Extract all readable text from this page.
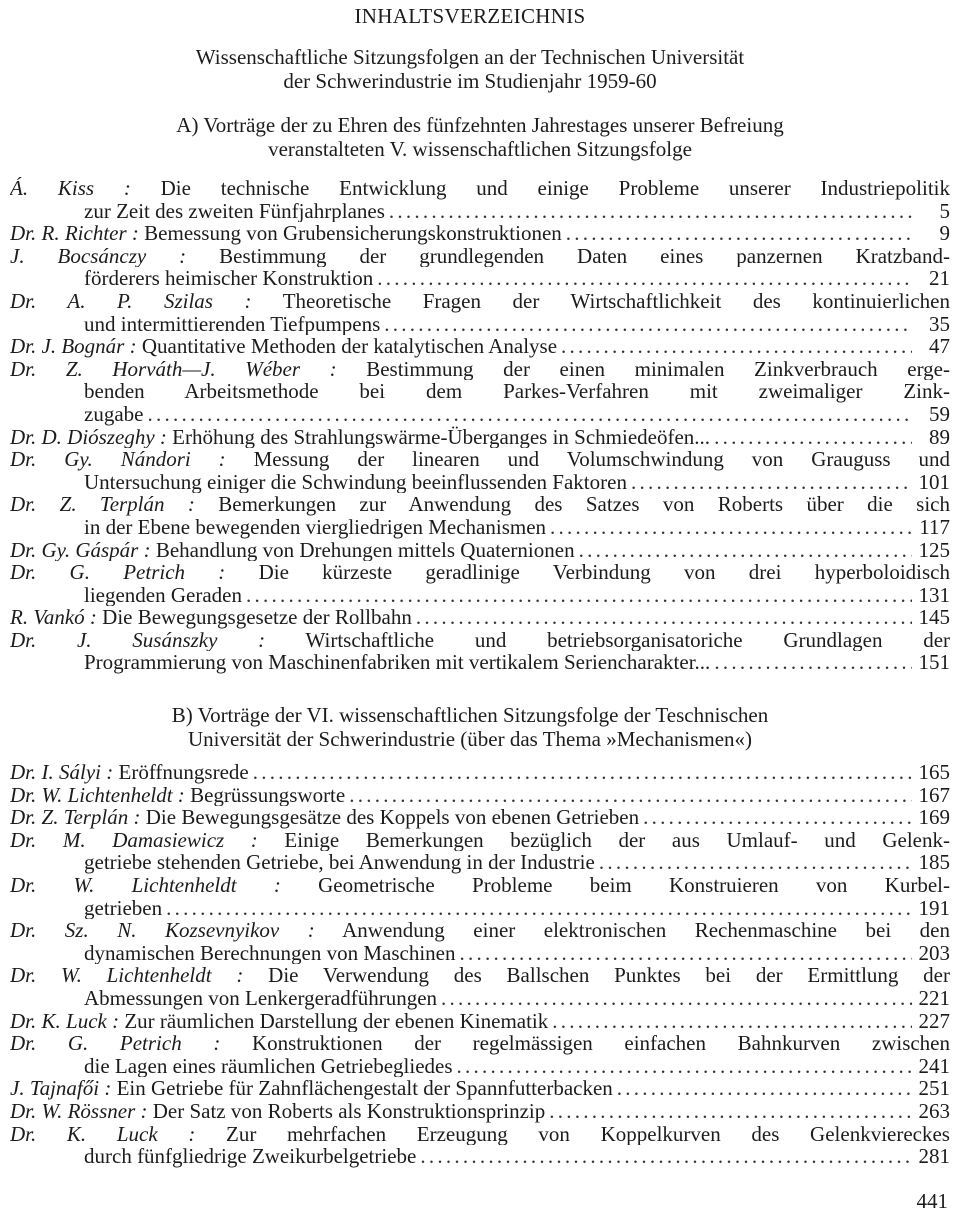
INHALTSVERZEICHNIS
Wissenschaftliche Sitzungsfolgen an der Technischen Universität
der Schwerindustrie im Studienjahr 1959-60
A) Vorträge der zu Ehren des fünfzehnten Jahrestages unserer Befreiung
veranstalteten V. wissenschaftlichen Sitzungsfolge
Á. Kiss : Die technische Entwicklung und einige Probleme unserer Industriepolitik
zur Zeit des zweiten Fünfjahrplanes . . .	5
Dr. R. Richter : Bemessung von Grubensicherungskonstruktionen . . .	9
J. Bocsánczy : Bestimmung der grundlegenden Daten eines panzernen Kratzband-
förderers heimischer Konstruktion . . .	21
Dr. A. P. Szilas : Theoretische Fragen der Wirtschaftlichkeit des kontinuierlichen
und intermittierenden Tiefpumpens . . .	35
Dr. J. Bognár : Quantitative Methoden der katalytischen Analyse . . .	47
Dr. Z. Horváth—J. Wéber : Bestimmung der einen minimalen Zinkverbrauch erge-
benden Arbeitsmethode bei dem Parkes-Verfahren mit zweimaliger Zink-
zugabe . . .	59
Dr. D. Diószeghy : Erhöhung des Strahlungswärme-Überganges in Schmiedeöfen... . . .	89
Dr. Gy. Nándori : Messung der linearen und Volumschwindung von Grauguss und
Untersuchung einiger die Schwindung beeinflussenden Faktoren . . .	101
Dr. Z. Terplán : Bemerkungen zur Anwendung des Satzes von Roberts über die sich
in der Ebene bewegenden viergliedrigen Mechanismen . . .	117
Dr. Gy. Gáspár : Behandlung von Drehungen mittels Quaternionen . . .	125
Dr. G. Petrich : Die kürzeste geradlinige Verbindung von drei hyperboloidisch
liegenden Geraden . . .	131
R. Vankó : Die Bewegungsgesetze der Rollbahn . . .	145
Dr. J. Susánszky : Wirtschaftliche und betriebsorganisatoriche Grundlagen der
Programmierung von Maschinenfabriken mit vertikalem Seriencharakter... . . .	151
B) Vorträge der VI. wissenschaftlichen Sitzungsfolge der Teschnischen
Universität der Schwerindustrie (über das Thema »Mechanismen«)
Dr. I. Sályi : Eröffnungsrede . . .	165
Dr. W. Lichtenheldt : Begrüssungsworte . . .	167
Dr. Z. Terplán : Die Bewegungsgesätze des Koppels von ebenen Getrieben . . .	169
Dr. M. Damasiewicz : Einige Bemerkungen bezüglich der aus Umlauf- und Gelenk-
getriebe stehenden Getriebe, bei Anwendung in der Industrie . . .	185
Dr. W. Lichtenheldt : Geometrische Probleme beim Konstruieren von Kurbel-
getrieben . . .	191
Dr. Sz. N. Kozsevnyikov : Anwendung einer elektronischen Rechenmaschine bei den
dynamischen Berechnungen von Maschinen . . .	203
Dr. W. Lichtenheldt : Die Verwendung des Ballschen Punktes bei der Ermittlung der
Abmessungen von Lenkergeradführungen . . .	221
Dr. K. Luck : Zur räumlichen Darstellung der ebenen Kinematik . . .	227
Dr. G. Petrich : Konstruktionen der regelmässigen einfachen Bahnkurven zwischen
die Lagen eines räumlichen Getriebegliedes . . .	241
J. Tajnafői : Ein Getriebe für Zahnflächengestalt der Spannfutterbacken . . .	251
Dr. W. Rössner : Der Satz von Roberts als Konstruktionsprinzip . . .	263
Dr. K. Luck : Zur mehrfachen Erzeugung von Koppelkurven des Gelenkviereckes
durch fünfgliedrige Zweikurbelgetriebe . . .	281
441
